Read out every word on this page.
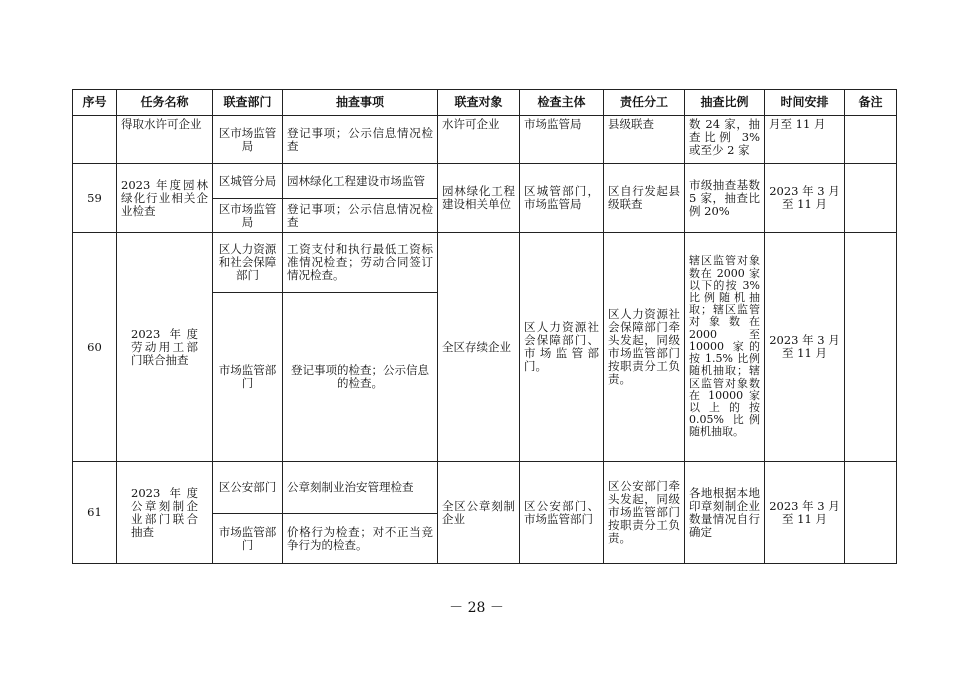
序号	任务名称	联查部门	抽查事项	联查对象	检查主体	责任分工	抽查比例	时间安排	备注
	得取水许可企业	区市场监管局	登记事项；公示信息情况检查	水许可企业	市场监管局	县级联查	数 24 家，抽查比例 3% 或至少 2 家	月至 11 月	
59	2023 年度园林绿化行业相关企业检查	区城管分局	园林绿化工程建设市场监管	园林绿化工程建设相关单位	区城管部门，市场监管局	区自行发起县级联查	市级抽查基数 5 家，抽查比例 20%	2023 年 3 月至 11 月	
		区市场监管局	登记事项；公示信息情况检查						
60	2023 年度劳动用工部门联合抽查	区人力资源和社会保障部门	工资支付和执行最低工资标准情况检查；劳动合同签订情况检查。	全区存续企业	区人力资源社会保障部门、市场监管部门。	区人力资源社会保障部门牵头发起，同级市场监管部门按职责分工负责。	辖区监管对象数在 2000 家以下的按 3% 比例随机抽取；辖区监管对象数在 2000 至 10000 家的按 1.5% 比例随机抽取；辖区监管对象数在 10000 家以上的按 0.05% 比例随机抽取。	2023 年 3 月至 11 月	
		市场监管部门	登记事项的检查；公示信息的检查。						
61	2023 年度公章刻制企业部门联合抽查	区公安部门	公章刻制业治安管理检查	全区公章刻制企业	区公安部门、市场监管部门	区公安部门牵头发起，同级市场监管部门按职责分工负责。	各地根据本地印章刻制企业数量情况自行确定	2023 年 3 月至 11 月	
		市场监管部门	价格行为检查；对不正当竞争行为的检查。						
－ 28 －
